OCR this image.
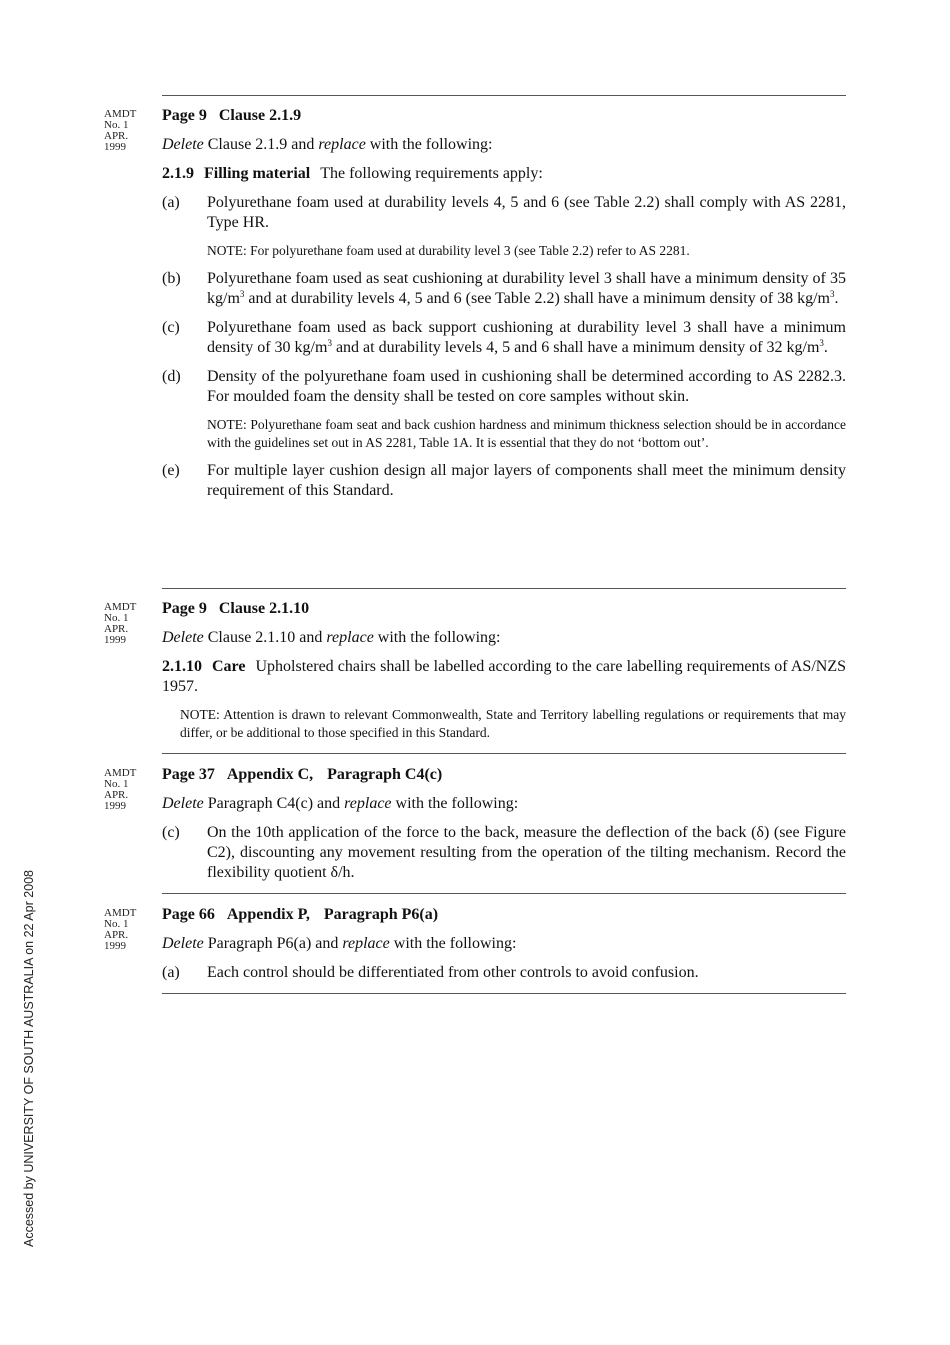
AMDT
No. 1
APR.
1999
Page 9 Clause 2.1.9
Delete Clause 2.1.9 and replace with the following:
2.1.9 Filling material The following requirements apply:
(a) Polyurethane foam used at durability levels 4, 5 and 6 (see Table 2.2) shall comply with AS 2281, Type HR.
NOTE: For polyurethane foam used at durability level 3 (see Table 2.2) refer to AS 2281.
(b) Polyurethane foam used as seat cushioning at durability level 3 shall have a minimum density of 35 $kg/m^3$ and at durability levels 4, 5 and 6 (see Table 2.2) shall have a minimum density of 38 $kg/m^3$.
(c) Polyurethane foam used as back support cushioning at durability level 3 shall have a minimum density of 30 $kg/m^3$ and at durability levels 4, 5 and 6 shall have a minimum density of 32 $kg/m^3$.
(d) Density of the polyurethane foam used in cushioning shall be determined according to AS 2282.3. For moulded foam the density shall be tested on core samples without skin.
NOTE: Polyurethane foam seat and back cushion hardness and minimum thickness selection should be in accordance with the guidelines set out in AS 2281, Table 1A. It is essential that they do not ‘bottom out’.
(e) For multiple layer cushion design all major layers of components shall meet the minimum density requirement of this Standard.
AMDT
No. 1
APR.
1999
Page 9 Clause 2.1.10
Delete Clause 2.1.10 and replace with the following:
2.1.10 Care Upholstered chairs shall be labelled according to the care labelling requirements of AS/NZS 1957.
NOTE: Attention is drawn to relevant Commonwealth, State and Territory labelling regulations or requirements that may differ, or be additional to those specified in this Standard.
AMDT
No. 1
APR.
1999
Page 37 Appendix C, Paragraph C4(c)
Delete Paragraph C4(c) and replace with the following:
(c) On the 10th application of the force to the back, measure the deflection of the back (δ) (see Figure C2), discounting any movement resulting from the operation of the tilting mechanism. Record the flexibility quotient δ/h.
AMDT
No. 1
APR.
1999
Page 66 Appendix P, Paragraph P6(a)
Delete Paragraph P6(a) and replace with the following:
(a) Each control should be differentiated from other controls to avoid confusion.
Accessed by UNIVERSITY OF SOUTH AUSTRALIA on 22 Apr 2008
